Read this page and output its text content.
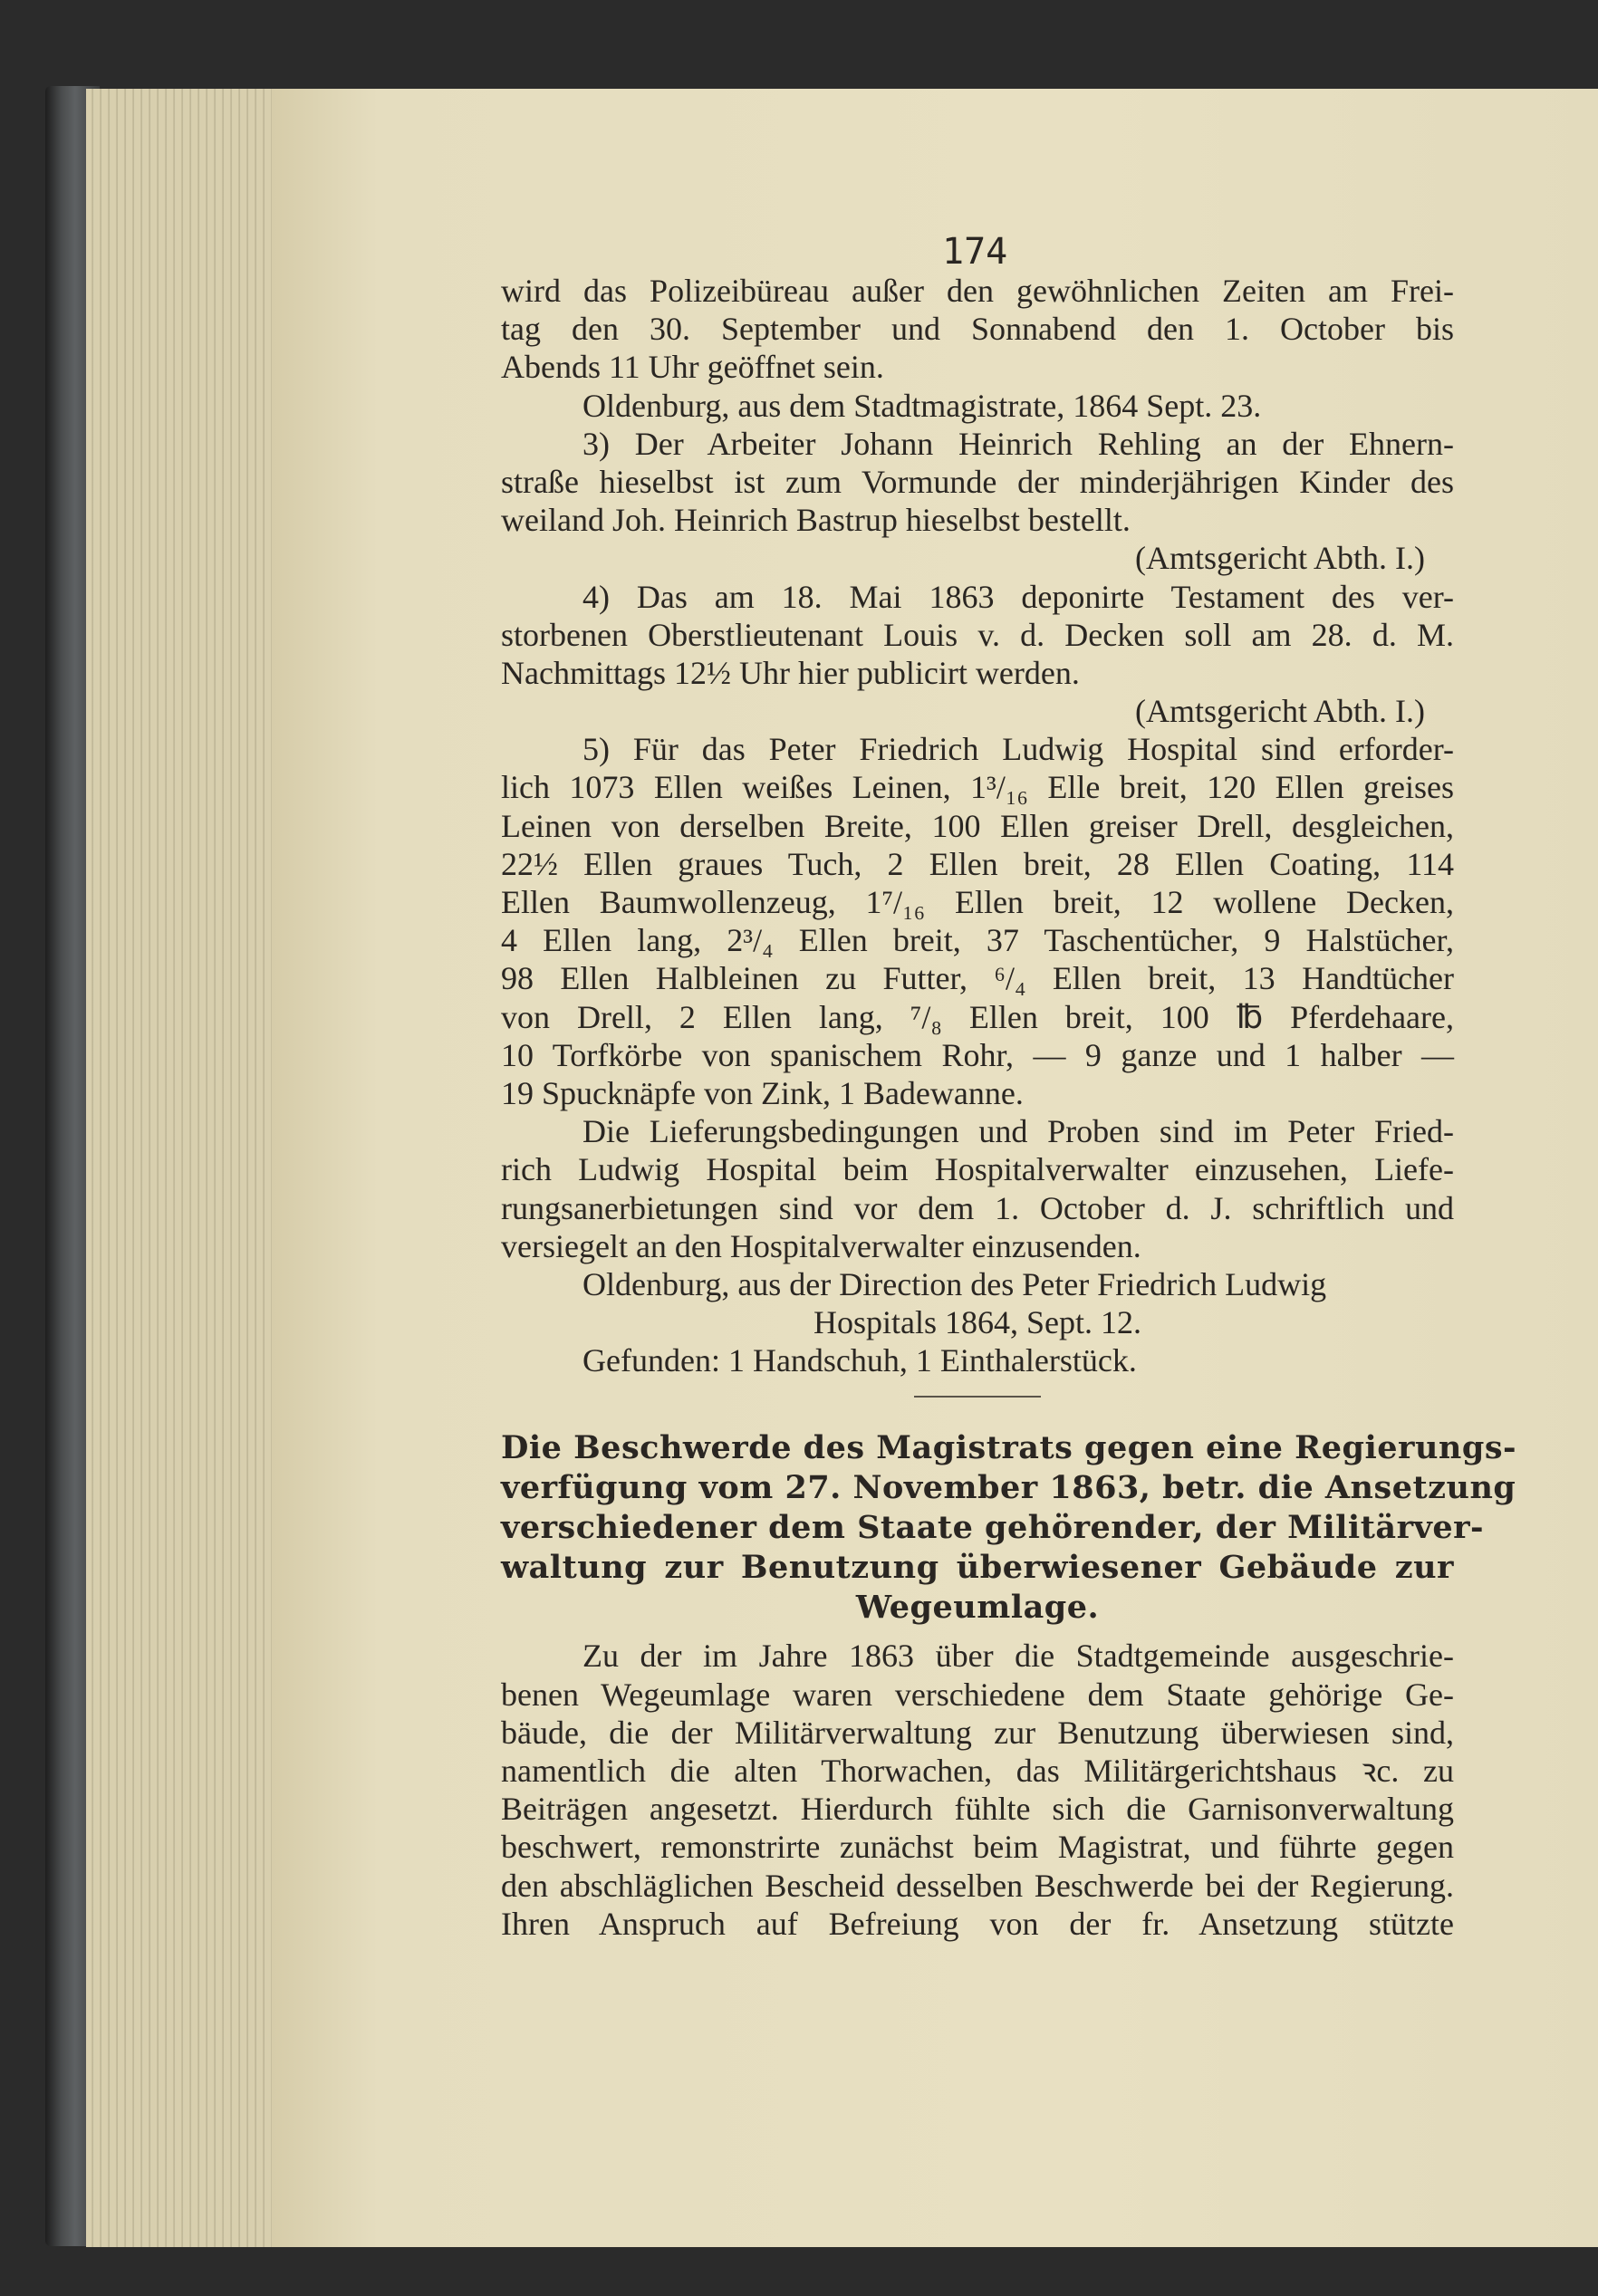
174
wird das Polizeibüreau außer den gewöhnlichen Zeiten am Frei-
tag den 30. September und Sonnabend den 1. October bis
Abends 11 Uhr geöffnet sein.
Oldenburg, aus dem Stadtmagistrate, 1864 Sept. 23.
3) Der Arbeiter Johann Heinrich Rehling an der Ehnern-
straße hieselbst ist zum Vormunde der minderjährigen Kinder des
weiland Joh. Heinrich Bastrup hieselbst bestellt.
(Amtsgericht Abth. I.)
4) Das am 18. Mai 1863 deponirte Testament des ver-
storbenen Oberstlieutenant Louis v. d. Decken soll am 28. d. M.
Nachmittags 12½ Uhr hier publicirt werden.
(Amtsgericht Abth. I.)
5) Für das Peter Friedrich Ludwig Hospital sind erforder-
lich 1073 Ellen weißes Leinen, 1³/₁₆ Elle breit, 120 Ellen greises
Leinen von derselben Breite, 100 Ellen greiser Drell, desgleichen,
22½ Ellen graues Tuch, 2 Ellen breit, 28 Ellen Coating, 114
Ellen Baumwollenzeug, 1⁷/₁₆ Ellen breit, 12 wollene Decken,
4 Ellen lang, 2³/₄ Ellen breit, 37 Taschentücher, 9 Halstücher,
98 Ellen Halbleinen zu Futter, ⁶/₄ Ellen breit, 13 Handtücher
von Drell, 2 Ellen lang, ⁷/₈ Ellen breit, 100 ℔ Pferdehaare,
10 Torfkörbe von spanischem Rohr, — 9 ganze und 1 halber —
19 Spucknäpfe von Zink, 1 Badewanne.
Die Lieferungsbedingungen und Proben sind im Peter Fried-
rich Ludwig Hospital beim Hospitalverwalter einzusehen, Liefe-
rungsanerbietungen sind vor dem 1. October d. J. schriftlich und
versiegelt an den Hospitalverwalter einzusenden.
Oldenburg, aus der Direction des Peter Friedrich Ludwig
Hospitals 1864, Sept. 12.
Gefunden: 1 Handschuh, 1 Einthalerstück.
Die Beschwerde des Magistrats gegen eine Regierungs-
verfügung vom 27. November 1863, betr. die Ansetzung
verschiedener dem Staate gehörender, der Militärver-
waltung zur Benutzung überwiesener Gebäude zur
Wegeumlage.
Zu der im Jahre 1863 über die Stadtgemeinde ausgeschrie-
benen Wegeumlage waren verschiedene dem Staate gehörige Ge-
bäude, die der Militärverwaltung zur Benutzung überwiesen sind,
namentlich die alten Thorwachen, das Militärgerichtshaus ꝛc. zu
Beiträgen angesetzt. Hierdurch fühlte sich die Garnisonverwaltung
beschwert, remonstrirte zunächst beim Magistrat, und führte gegen
den abschläglichen Bescheid desselben Beschwerde bei der Regierung.
Ihren Anspruch auf Befreiung von der fr. Ansetzung stützte
